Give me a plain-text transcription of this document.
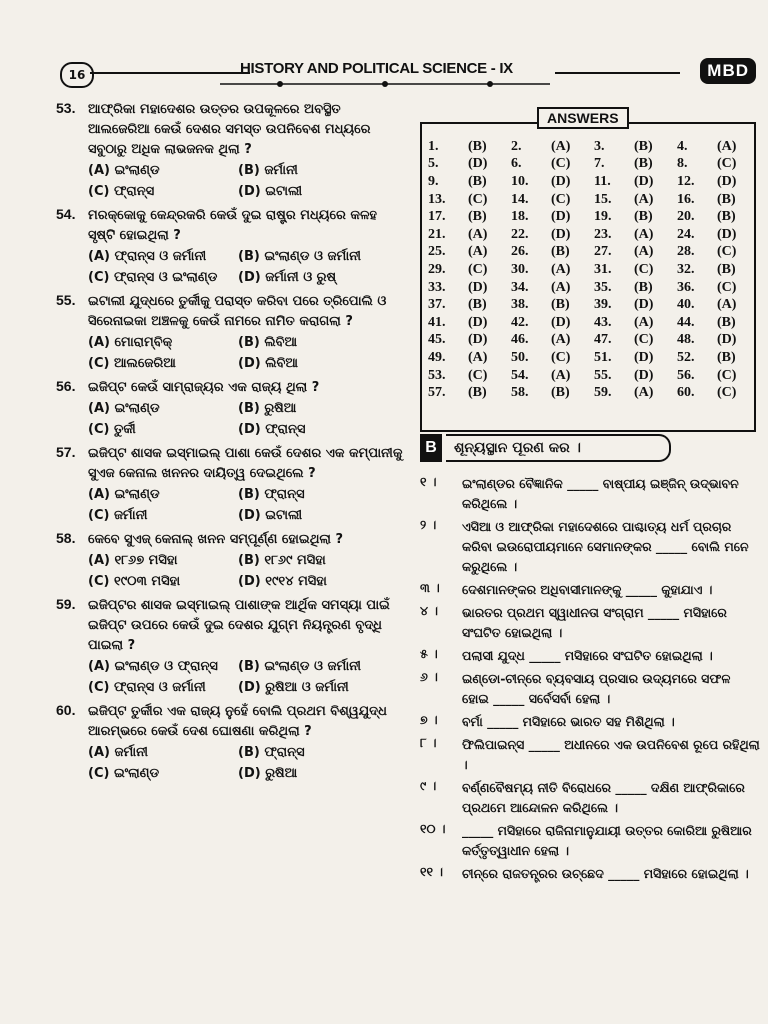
16	HISTORY AND POLITICAL SCIENCE - IX	MBD
53. ଆଫ୍ରିକା ମହାଦେଶର ଉତ୍ତର ଉପକୂଳରେ ଅବସ୍ଥିତ ଆଲଜେରିଆ କେଉଁ ଦେଶର ସମସ୍ତ ଉପନିବେଶ ମଧ୍ୟରେ ସବୁଠାରୁ ଅଧିକ ଲାଭଜନକ ଥିଲା ?
(A) ଇଂଲାଣ୍ଡ	(B) ଜର୍ମାନୀ
(C) ଫ୍ରାନ୍ସ	(D) ଇଟାଲୀ
54. ମରକ୍କୋକୁ କେନ୍ଦ୍ରକରି କେଉଁ ଦୁଇ ରାଷ୍ଟ୍ର ମଧ୍ୟରେ କଳହ ସୃଷ୍ଟି ହୋଇଥିଲା ?
(A) ଫ୍ରାନ୍ସ ଓ ଜର୍ମାନୀ	(B) ଇଂଲାଣ୍ଡ ଓ ଜର୍ମାନୀ
(C) ଫ୍ରାନ୍ସ ଓ ଇଂଲାଣ୍ଡ	(D) ଜର୍ମାନୀ ଓ ରୁଷ୍
55. ଇଟାଲୀ ଯୁଦ୍ଧରେ ତୁର୍କୀକୁ ପରାସ୍ତ କରିବା ପରେ ତ୍ରିପୋଲି ଓ ସିରେନାଇକା ଅଞ୍ଚଳକୁ କେଉଁ ନାମରେ ନାମିତ କରାଗଲା ?
(A) ମୋରାମ୍ବିକ୍	(B) ଲିବିଆ
(C) ଆଲଜେରିଆ	(D) ଲିବିଆ
56. ଇଜିପ୍ଟ କେଉଁ ସାମ୍ରାଜ୍ୟର ଏକ ରାଜ୍ୟ ଥିଲା ?
(A) ଇଂଲାଣ୍ଡ	(B) ରୁଷିଆ
(C) ତୁର୍କୀ	(D) ଫ୍ରାନ୍ସ
57. ଇଜିପ୍ଟ ଶାସକ ଇସ୍‌ମାଇଲ୍ ପାଶା କେଉଁ ଦେଶର ଏକ କମ୍ପାନୀକୁ ସୁଏଜ କେନାଲ ଖନନର ଦାୟିତ୍ୱ ଦେଇଥିଲେ ?
(A) ଇଂଲାଣ୍ଡ	(B) ଫ୍ରାନ୍ସ
(C) ଜର୍ମାନୀ	(D) ଇଟାଲୀ
58. କେବେ ସୁଏଜ୍ କେନାଲ୍ ଖନନ ସମ୍ପୂର୍ଣ୍ଣ ହୋଇଥିଲା ?
(A) ୧୮୬୭ ମସିହା	(B) ୧୮୬୯ ମସିହା
(C) ୧୯୦୩ ମସିହା	(D) ୧୯୧୪ ମସିହା
59. ଇଜିପ୍ଟର ଶାସକ ଇସ୍‌ମାଇଲ୍ ପାଶାଙ୍କ ଆର୍ଥିକ ସମସ୍ୟା ପାଇଁ ଇଜିପ୍ଟ ଉପରେ କେଉଁ ଦୁଇ ଦେଶର ଯୁଗ୍ମ ନିୟନ୍ତ୍ରଣ ବୃଦ୍ଧି ପାଇଲା ?
(A) ଇଂଲାଣ୍ଡ ଓ ଫ୍ରାନ୍ସ	(B) ଇଂଲାଣ୍ଡ ଓ ଜର୍ମାନୀ
(C) ଫ୍ରାନ୍ସ ଓ ଜର୍ମାନୀ	(D) ରୁଷିଆ ଓ ଜର୍ମାନୀ
60. ଇଜିପ୍ଟ ତୁର୍କୀର ଏକ ରାଜ୍ୟ ନୁହେଁ ବୋଲି ପ୍ରଥମ ବିଶ୍ୱଯୁଦ୍ଧ ଆରମ୍ଭରେ କେଉଁ ଦେଶ ଘୋଷଣା କରିଥିଲା ?
(A) ଜର୍ମାନୀ	(B) ଫ୍ରାନ୍ସ
(C) ଇଂଲାଣ୍ଡ	(D) ରୁଷିଆ
ANSWERS
1.	(B)	2.	(A)	3.	(B)	4.	(A)
5.	(D)	6.	(C)	7.	(B)	8.	(C)
9.	(B)	10.	(D)	11.	(D)	12.	(D)
13.	(C)	14.	(C)	15.	(A)	16.	(B)
17.	(B)	18.	(D)	19.	(B)	20.	(B)
21.	(A)	22.	(D)	23.	(A)	24.	(D)
25.	(A)	26.	(B)	27.	(A)	28.	(C)
29.	(C)	30.	(A)	31.	(C)	32.	(B)
33.	(D)	34.	(A)	35.	(B)	36.	(C)
37.	(B)	38.	(B)	39.	(D)	40.	(A)
41.	(D)	42.	(D)	43.	(A)	44.	(B)
45.	(D)	46.	(A)	47.	(C)	48.	(D)
49.	(A)	50.	(C)	51.	(D)	52.	(B)
53.	(C)	54.	(A)	55.	(D)	56.	(C)
57.	(B)	58.	(B)	59.	(A)	60.	(C)
B	ଶୂନ୍ୟସ୍ଥାନ ପୂରଣ କର ।
୧ । ଇଂଲାଣ୍ଡର ବୈଜ୍ଞାନିକ _____ ବାଷ୍ପୀୟ ଇଞ୍ଜିନ୍ ଉଦ୍ଭାବନ କରିଥିଲେ ।
୨ । ଏସିଆ ଓ ଆଫ୍ରିକା ମହାଦେଶରେ ପାଶ୍ଚାତ୍ୟ ଧର୍ମ ପ୍ରଚାର କରିବା ଇଉରୋପୀୟମାନେ ସେମାନଙ୍କର _____ ବୋଲି ମନେ କରୁଥିଲେ ।
୩ । ଦେଶମାନଙ୍କର ଅଧିବାସୀମାନଙ୍କୁ _____ କୁହାଯାଏ ।
୪ । ଭାରତର ପ୍ରଥମ ସ୍ୱାଧୀନତା ସଂଗ୍ରାମ _____ ମସିହାରେ ସଂଘଟିତ ହୋଇଥିଲା ।
୫ । ପଲାସୀ ଯୁଦ୍ଧ _____ ମସିହାରେ ସଂଘଟିତ ହୋଇଥିଲା ।
୬ । ଇଣ୍ଡୋ-ଚୀନ୍‌ରେ ବ୍ୟବସାୟ ପ୍ରସାର ଉଦ୍ୟମରେ ସଫଳ ହୋଇ _____ ସର୍ବେସର୍ବା ହେଲା ।
୭ । ବର୍ମା _____ ମସିହାରେ ଭାରତ ସହ ମିଶିଥିଲା ।
୮ । ଫିଲିପାଇନ୍‌ସ _____ ଅଧୀନରେ ଏକ ଉପନିବେଶ ରୂପେ ରହିଥିଲା ।
୯ । ବର୍ଣ୍ଣବୈଷମ୍ୟ ନୀତି ବିରୋଧରେ _____ ଦକ୍ଷିଣ ଆଫ୍ରିକାରେ ପ୍ରଥମେ ଆନ୍ଦୋଳନ କରିଥିଲେ ।
୧୦ । _____ ମସିହାରେ ରାଜିନାମାନୁଯାୟୀ ଉତ୍ତର କୋରିଆ ରୁଷିଆର କର୍ତ୍ତୃତ୍ୱାଧୀନ ହେଲା ।
୧୧ । ଚୀନ୍‌ରେ ରାଜତନ୍ତ୍ରର ଉଚ୍ଛେଦ _____ ମସିହାରେ ହୋଇଥିଲା ।
